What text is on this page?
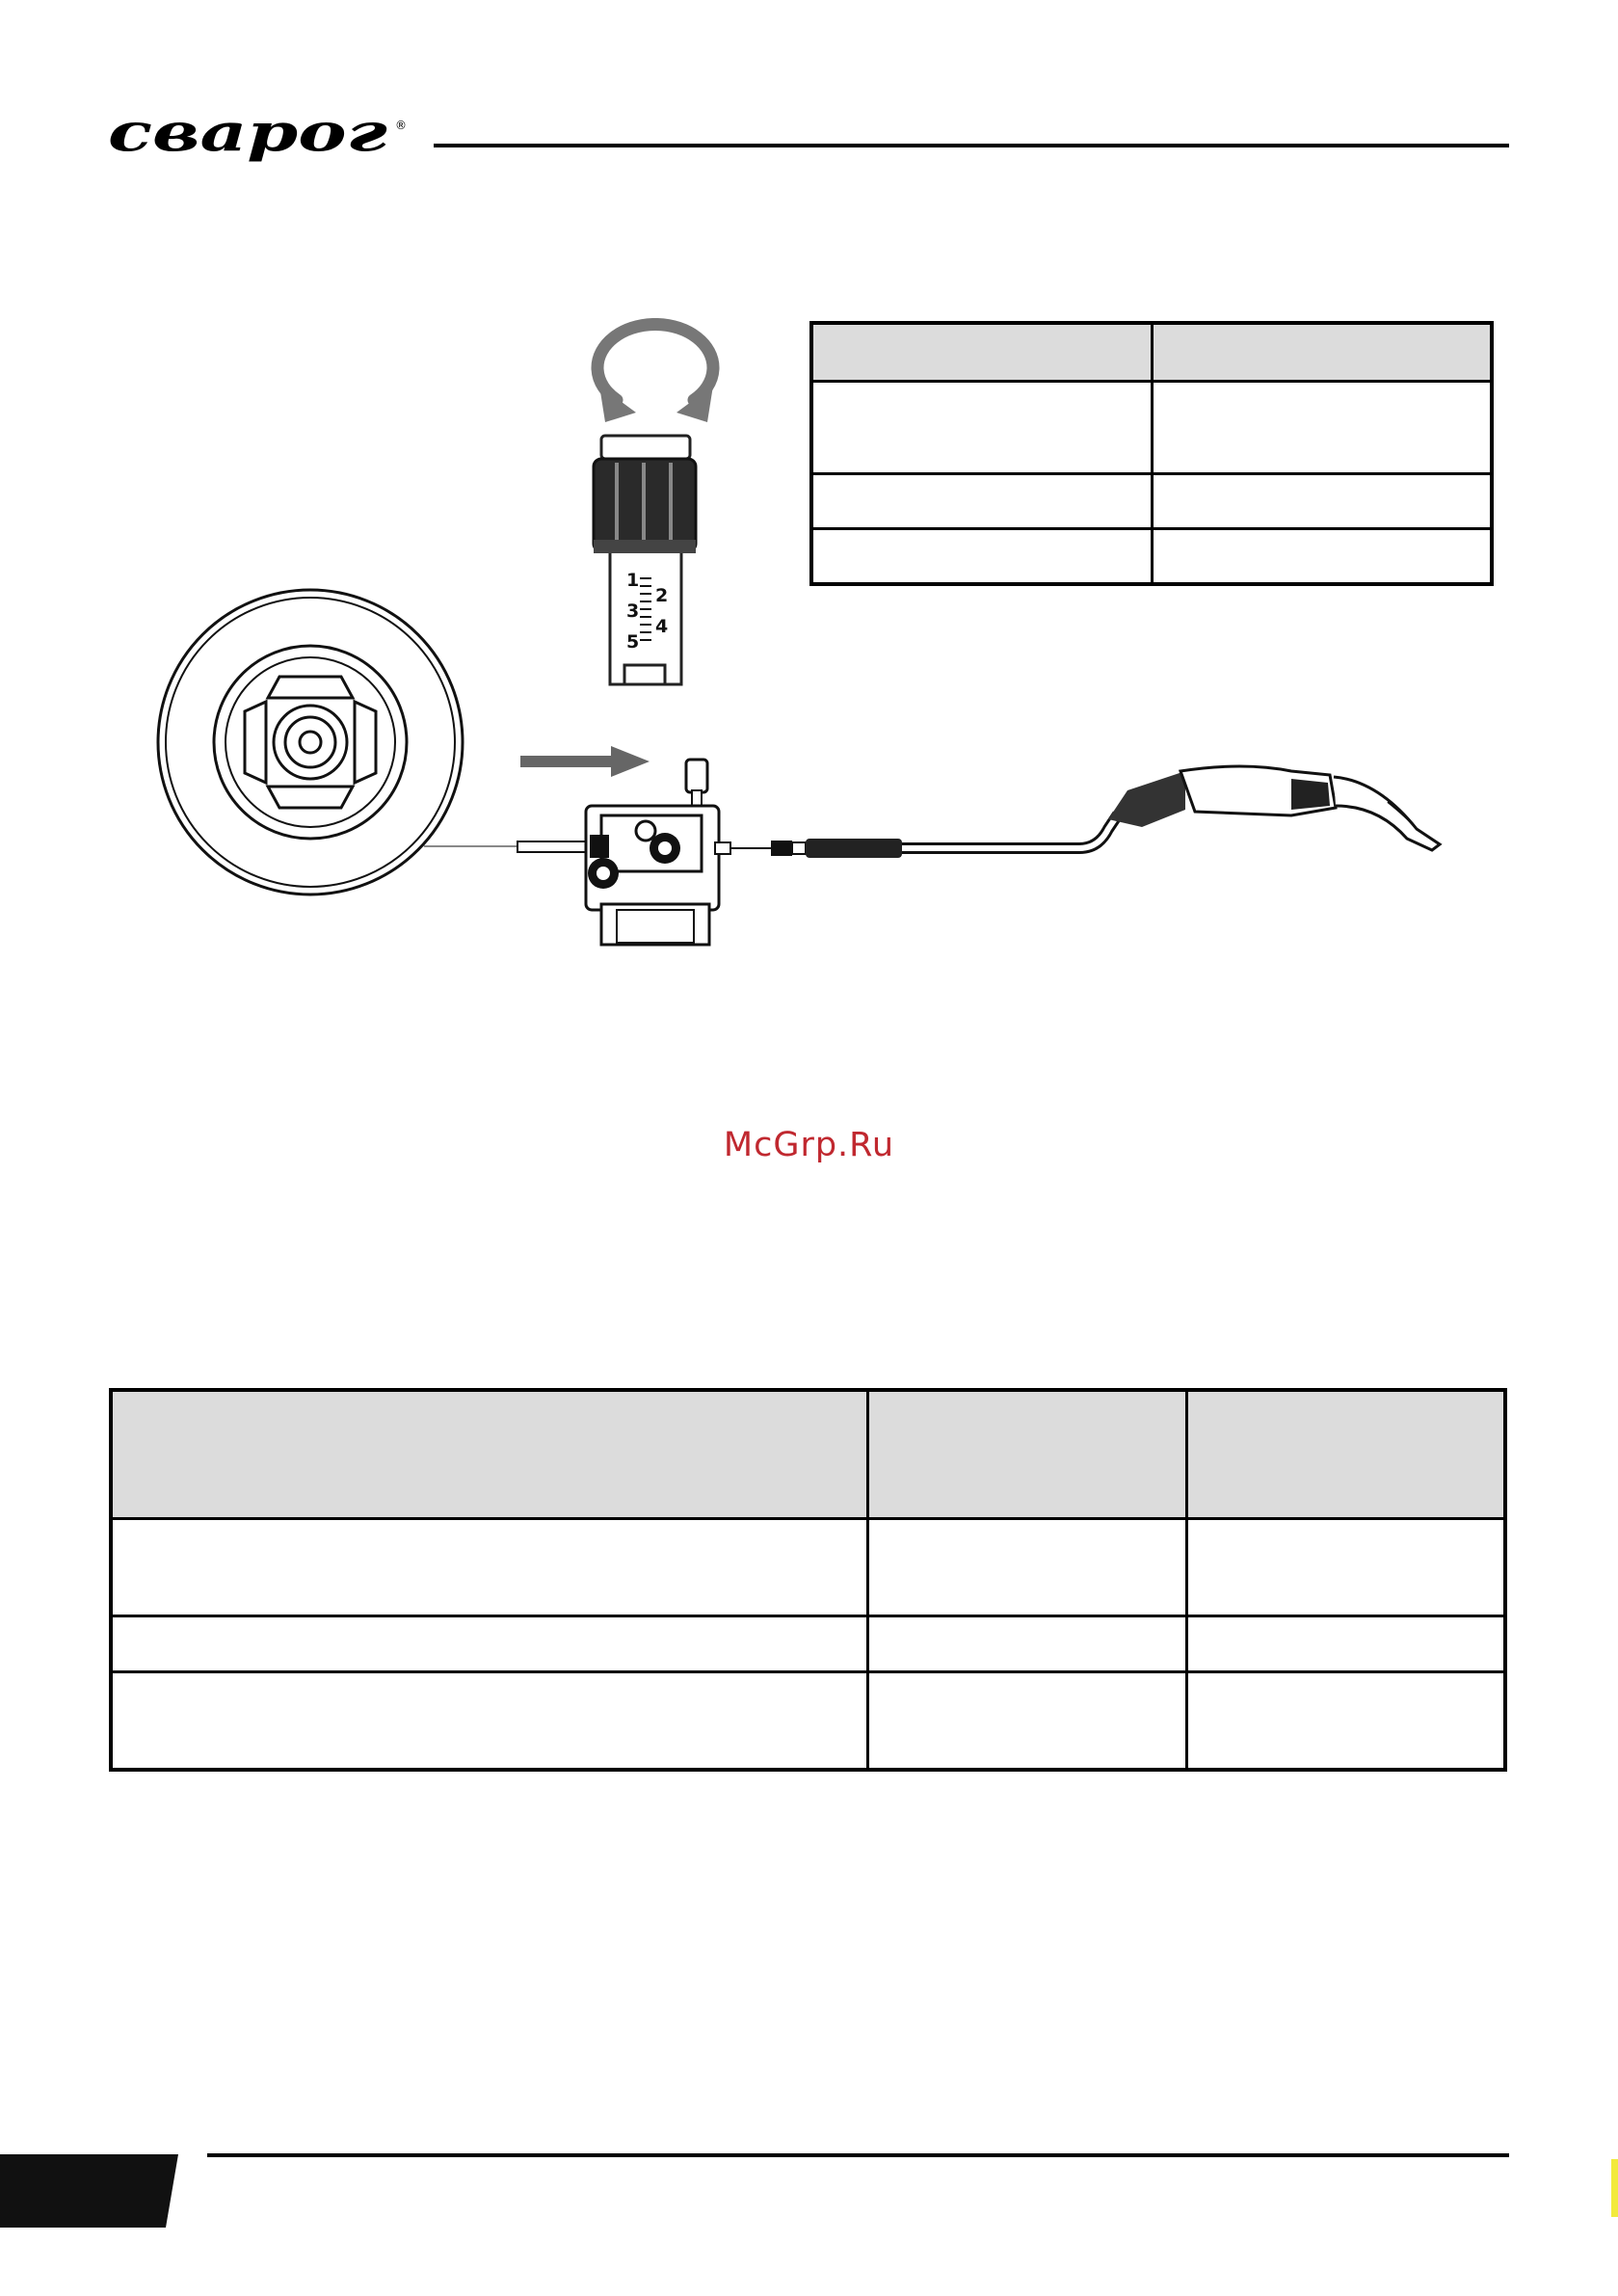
сварог ®
1
2
3
4
5

McGrp.Ru
